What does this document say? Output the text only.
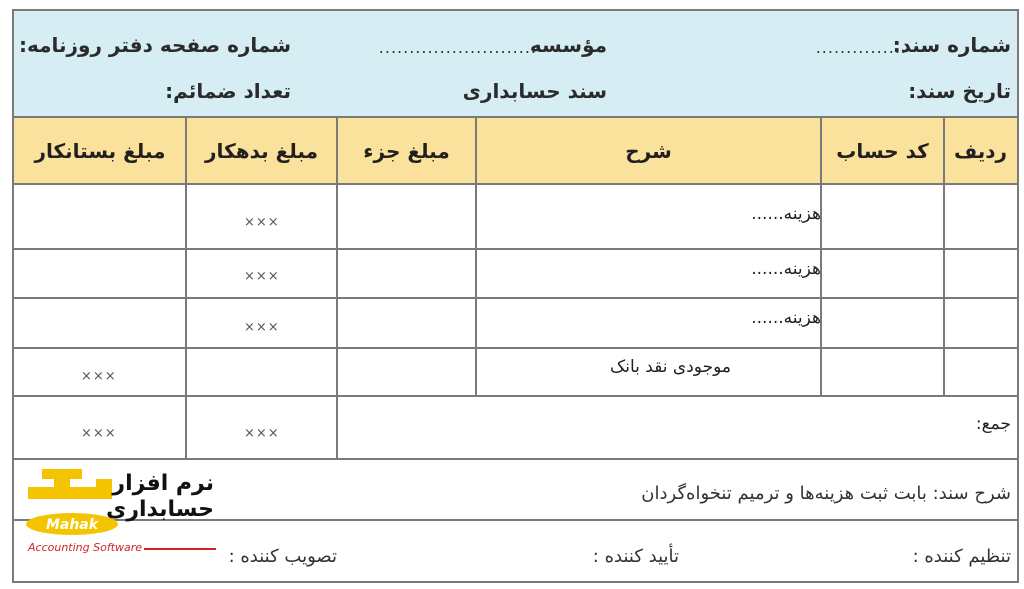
شماره سند:
...............
مؤسسه
..........................
شماره صفحه دفتر روزنامه:
تاریخ سند:
سند حسابداری
تعداد ضمائم:
ردیف
کد حساب
شرح
مبلغ جزء
مبلغ بدهکار
مبلغ بستانکار
هزینه......
×××
هزینه......
×××
هزینه......
×××
موجودی نقد بانک
×××
جمع:
×××
×××
شرح سند: بابت ثبت هزینه‌ها و ترمیم تنخواه‌گردان
تنظیم کننده :
تأیید کننده :
تصویب کننده :
Mahak
نرم افزار
حسابداری
Accounting Software
